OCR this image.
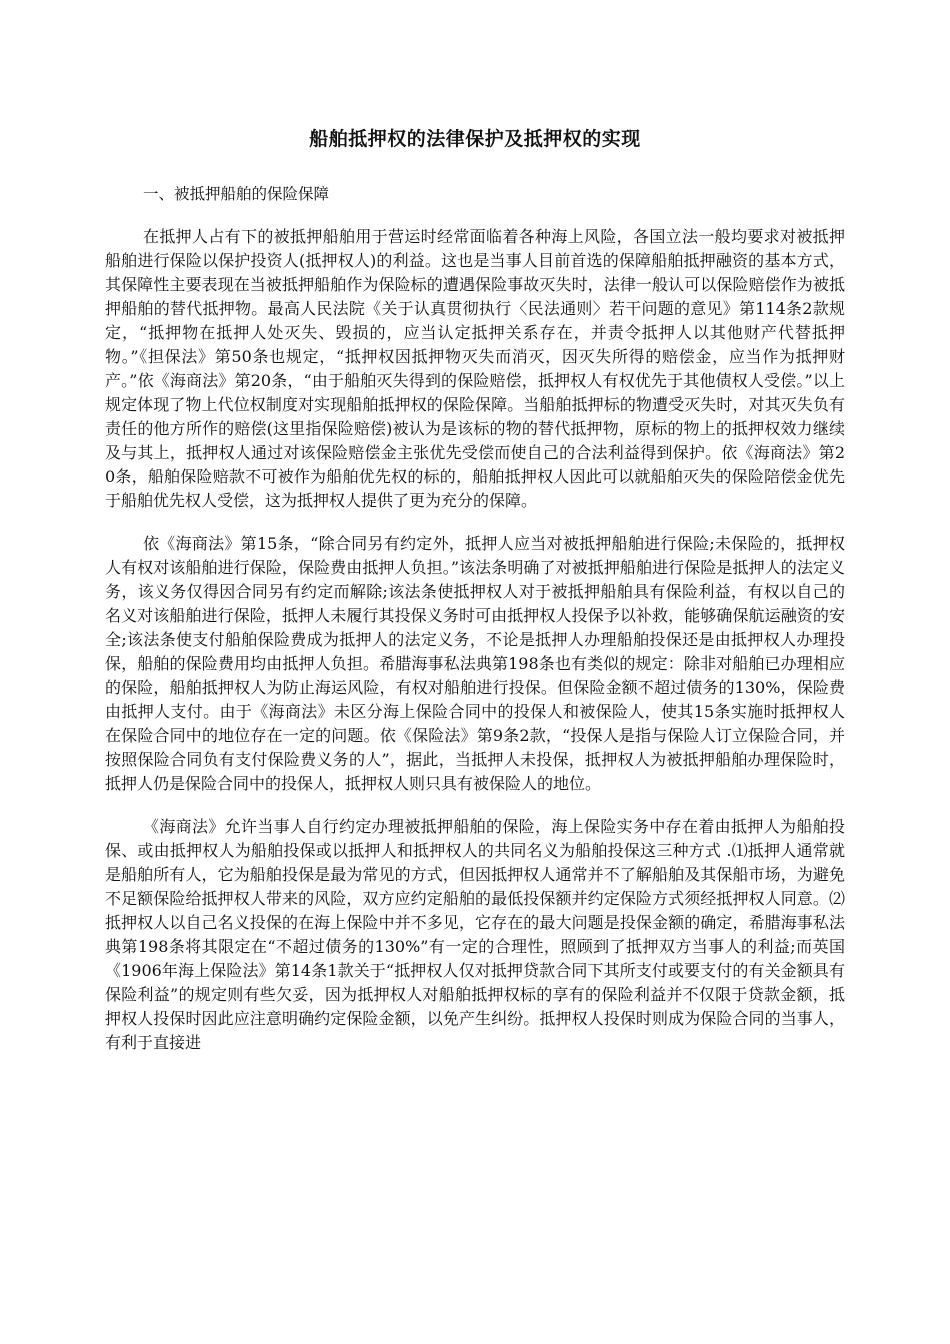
船舶抵押权的法律保护及抵押权的实现

一、被抵押船舶的保险保障

在抵押人占有下的被抵押船舶用于营运时经常面临着各种海上风险，各国立法一般均要求对被抵押船舶进行保险以保护投资人(抵押权人)的利益。这也是当事人目前首选的保障船舶抵押融资的基本方式，其保障性主要表现在当被抵押船舶作为保险标的遭遇保险事故灭失时，法律一般认可以保险赔偿作为被抵押船舶的替代抵押物。最高人民法院《关于认真贯彻执行〈民法通则〉若干问题的意见》第114条2款规定，“抵押物在抵押人处灭失、毁损的，应当认定抵押关系存在，并责令抵押人以其他财产代替抵押物。”《担保法》第50条也规定，“抵押权因抵押物灭失而消灭，因灭失所得的赔偿金，应当作为抵押财产。”依《海商法》第20条，“由于船舶灭失得到的保险赔偿，抵押权人有权优先于其他债权人受偿。”以上规定体现了物上代位权制度对实现船舶抵押权的保险保障。当船舶抵押标的物遭受灭失时，对其灭失负有责任的他方所作的赔偿(这里指保险赔偿)被认为是该标的物的替代抵押物，原标的物上的抵押权效力继续及与其上，抵押权人通过对该保险赔偿金主张优先受偿而使自己的合法利益得到保护。依《海商法》第20条，船舶保险赔款不可被作为船舶优先权的标的，船舶抵押权人因此可以就船舶灭失的保险陪偿金优先于船舶优先权人受偿，这为抵押权人提供了更为充分的保障。

依《海商法》第15条，“除合同另有约定外，抵押人应当对被抵押船舶进行保险;未保险的，抵押权人有权对该船舶进行保险，保险费由抵押人负担。”该法条明确了对被抵押船舶进行保险是抵押人的法定义务，该义务仅得因合同另有约定而解除;该法条使抵押权人对于被抵押船舶具有保险利益，有权以自己的名义对该船舶进行保险，抵押人未履行其投保义务时可由抵押权人投保予以补救，能够确保航运融资的安全;该法条使支付船舶保险费成为抵押人的法定义务，不论是抵押人办理船舶投保还是由抵押权人办理投保，船舶的保险费用均由抵押人负担。希腊海事私法典第198条也有类似的规定：除非对船舶已办理相应的保险，船舶抵押权人为防止海运风险，有权对船舶进行投保。但保险金额不超过债务的130%，保险费由抵押人支付。由于《海商法》未区分海上保险合同中的投保人和被保险人，使其15条实施时抵押权人在保险合同中的地位存在一定的问题。依《保险法》第9条2款，“投保人是指与保险人订立保险合同，并按照保险合同负有支付保险费义务的人”，据此，当抵押人未投保，抵押权人为被抵押船舶办理保险时，抵押人仍是保险合同中的投保人，抵押权人则只具有被保险人的地位。

《海商法》允许当事人自行约定办理被抵押船舶的保险，海上保险实务中存在着由抵押人为船舶投保、或由抵押权人为船舶投保或以抵押人和抵押权人的共同名义为船舶投保这三种方式 .⑴抵押人通常就是船舶所有人，它为船舶投保是最为常见的方式，但因抵押权人通常并不了解船舶及其保船市场，为避免不足额保险给抵押权人带来的风险，双方应约定船舶的最低投保额并约定保险方式须经抵押权人同意。⑵抵押权人以自己名义投保的在海上保险中并不多见，它存在的最大问题是投保金额的确定，希腊海事私法典第198条将其限定在“不超过债务的130%”有一定的合理性，照顾到了抵押双方当事人的利益;而英国《1906年海上保险法》第14条1款关于“抵押权人仅对抵押贷款合同下其所支付或要支付的有关金额具有保险利益”的规定则有些欠妥，因为抵押权人对船舶抵押权标的享有的保险利益并不仅限于贷款金额，抵押权人投保时因此应注意明确约定保险金额，以免产生纠纷。抵押权人投保时则成为保险合同的当事人，有利于直接进
